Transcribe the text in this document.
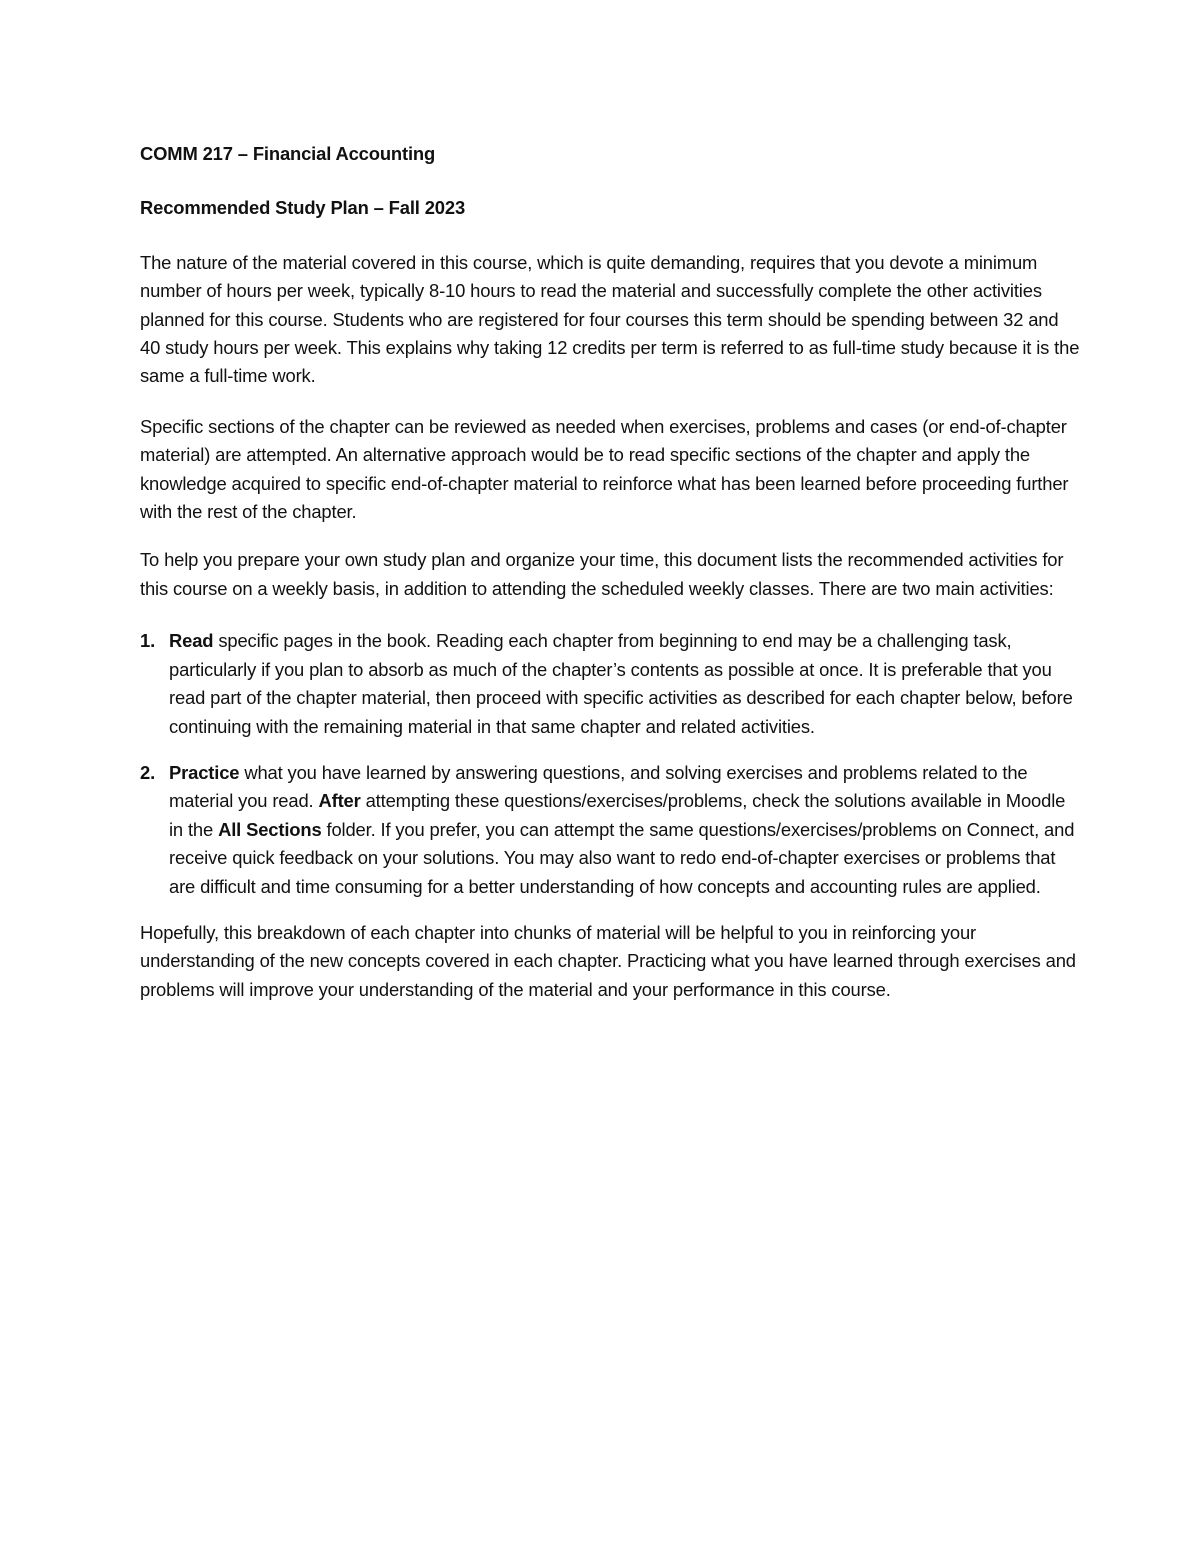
COMM 217 – Financial Accounting

Recommended Study Plan – Fall 2023

The nature of the material covered in this course, which is quite demanding, requires that you devote a minimum number of hours per week, typically 8-10 hours to read the material and successfully complete the other activities planned for this course. Students who are registered for four courses this term should be spending between 32 and 40 study hours per week. This explains why taking 12 credits per term is referred to as full-time study because it is the same a full-time work.

Specific sections of the chapter can be reviewed as needed when exercises, problems and cases (or end-of-chapter material) are attempted. An alternative approach would be to read specific sections of the chapter and apply the knowledge acquired to specific end-of-chapter material to reinforce what has been learned before proceeding further with the rest of the chapter.

To help you prepare your own study plan and organize your time, this document lists the recommended activities for this course on a weekly basis, in addition to attending the scheduled weekly classes. There are two main activities:

1. Read specific pages in the book. Reading each chapter from beginning to end may be a challenging task, particularly if you plan to absorb as much of the chapter’s contents as possible at once. It is preferable that you read part of the chapter material, then proceed with specific activities as described for each chapter below, before continuing with the remaining material in that same chapter and related activities.
2. Practice what you have learned by answering questions, and solving exercises and problems related to the material you read. After attempting these questions/exercises/problems, check the solutions available in Moodle in the All Sections folder. If you prefer, you can attempt the same questions/exercises/problems on Connect, and receive quick feedback on your solutions. You may also want to redo end-of-chapter exercises or problems that are difficult and time consuming for a better understanding of how concepts and accounting rules are applied.

Hopefully, this breakdown of each chapter into chunks of material will be helpful to you in reinforcing your understanding of the new concepts covered in each chapter. Practicing what you have learned through exercises and problems will improve your understanding of the material and your performance in this course.
